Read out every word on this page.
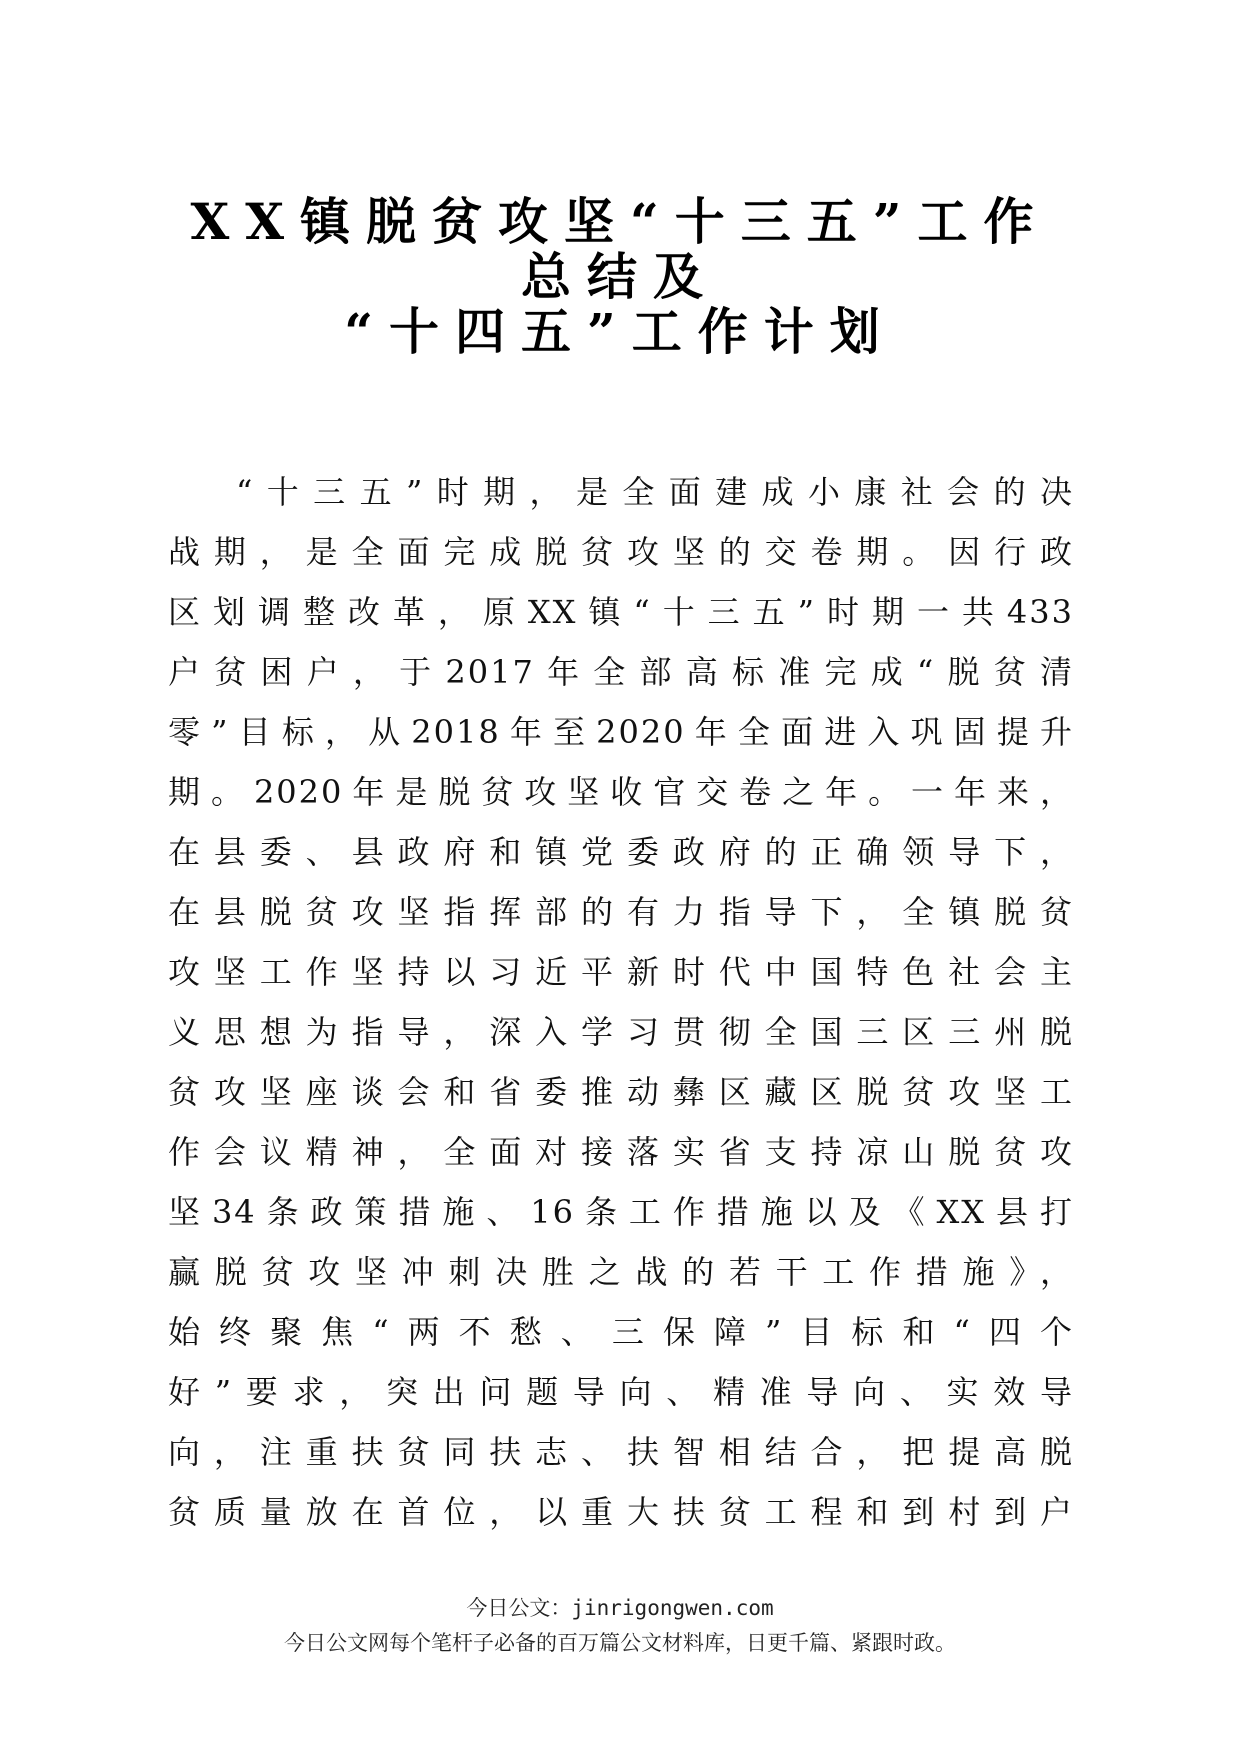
XX镇脱贫攻坚“十三五”工作
总结及
“十四五”工作计划
“十三五”时期，是全面建成小康社会的决
战期，是全面完成脱贫攻坚的交卷期。因行政
区划调整改革，原XX镇“十三五”时期一共433
户贫困户，于2017年全部高标准完成“脱贫清
零”目标，从2018年至2020年全面进入巩固提升
期。2020年是脱贫攻坚收官交卷之年。一年来，
在县委、县政府和镇党委政府的正确领导下，
在县脱贫攻坚指挥部的有力指导下，全镇脱贫
攻坚工作坚持以习近平新时代中国特色社会主
义思想为指导，深入学习贯彻全国三区三州脱
贫攻坚座谈会和省委推动彝区藏区脱贫攻坚工
作会议精神，全面对接落实省支持凉山脱贫攻
坚34条政策措施、16条工作措施以及《XX县打
赢脱贫攻坚冲刺决胜之战的若干工作措施》，
始终聚焦“两不愁、三保障”目标和“四个
好”要求，突出问题导向、精准导向、实效导
向，注重扶贫同扶志、扶智相结合，把提高脱
贫质量放在首位，以重大扶贫工程和到村到户
今日公文：jinrigongwen.com
今日公文网每个笔杆子必备的百万篇公文材料库，日更千篇、紧跟时政。
